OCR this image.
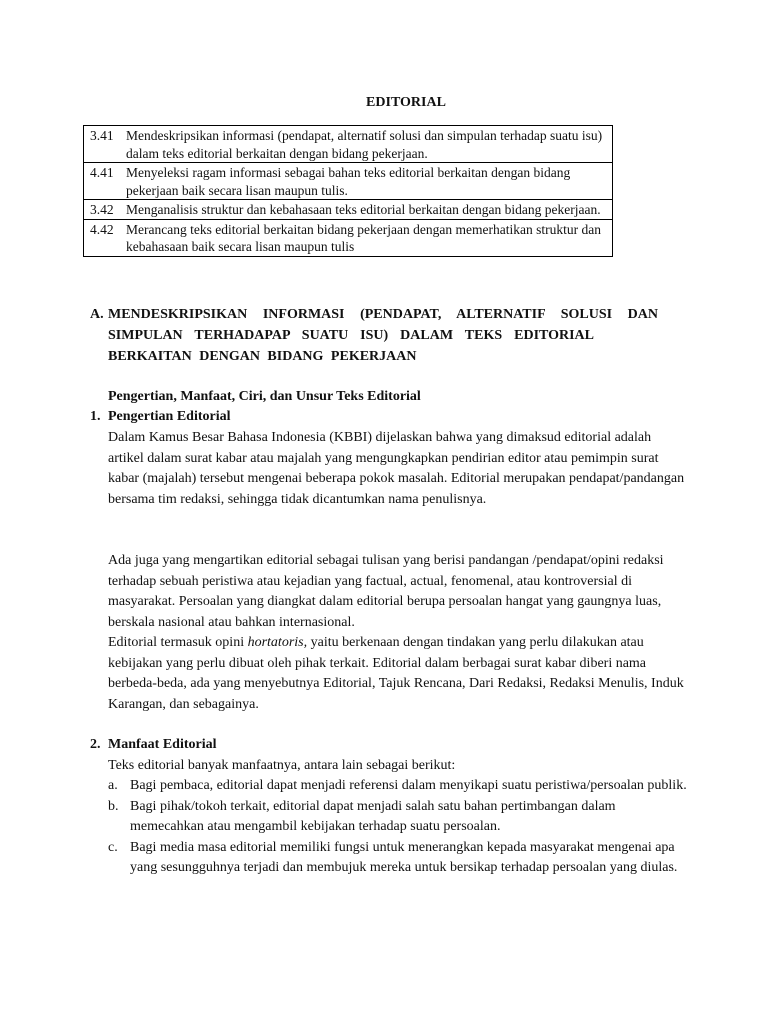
EDITORIAL
3.41 Mendeskripsikan informasi (pendapat, alternatif solusi dan simpulan terhadap suatu isu) dalam teks editorial berkaitan dengan bidang pekerjaan.

4.41 Menyeleksi ragam informasi sebagai bahan teks editorial berkaitan dengan bidang pekerjaan baik secara lisan maupun tulis.

3.42 Menganalisis struktur dan kebahasaan teks editorial berkaitan dengan bidang pekerjaan.

4.42 Merancang teks editorial berkaitan bidang pekerjaan dengan memerhatikan struktur dan kebahasaan baik secara lisan maupun tulis
A. MENDESKRIPSIKAN INFORMASI (PENDAPAT, ALTERNATIF SOLUSI DAN
SIMPULAN TERHADAPAP SUATU ISU) DALAM TEKS EDITORIAL
BERKAITAN DENGAN BIDANG PEKERJAAN
Pengertian, Manfaat, Ciri, dan Unsur Teks Editorial
1. Pengertian Editorial

Dalam Kamus Besar Bahasa Indonesia (KBBI) dijelaskan bahwa yang dimaksud editorial adalah artikel dalam surat kabar atau majalah yang mengungkapkan pendirian editor atau pemimpin surat kabar (majalah) tersebut mengenai beberapa pokok masalah. Editorial merupakan pendapat/pandangan bersama tim redaksi, sehingga tidak dicantumkan nama penulisnya.

Ada juga yang mengartikan editorial sebagai tulisan yang berisi pandangan /pendapat/opini redaksi terhadap sebuah peristiwa atau kejadian yang factual, actual, fenomenal, atau kontroversial di masyarakat. Persoalan yang diangkat dalam editorial berupa persoalan hangat yang gaungnya luas, berskala nasional atau bahkan internasional.

Editorial termasuk opini hortatoris, yaitu berkenaan dengan tindakan yang perlu dilakukan atau kebijakan yang perlu dibuat oleh pihak terkait. Editorial dalam berbagai surat kabar diberi nama berbeda-beda, ada yang menyebutnya Editorial, Tajuk Rencana, Dari Redaksi, Redaksi Menulis, Induk Karangan, dan sebagainya.

2. Manfaat Editorial
Teks editorial banyak manfaatnya, antara lain sebagai berikut:
a. Bagi pembaca, editorial dapat menjadi referensi dalam menyikapi suatu peristiwa/persoalan publik.
b. Bagi pihak/tokoh terkait, editorial dapat menjadi salah satu bahan pertimbangan dalam memecahkan atau mengambil kebijakan terhadap suatu persoalan.
c. Bagi media masa editorial memiliki fungsi untuk menerangkan kepada masyarakat mengenai apa yang sesungguhnya terjadi dan membujuk mereka untuk bersikap terhadap persoalan yang diulas.
